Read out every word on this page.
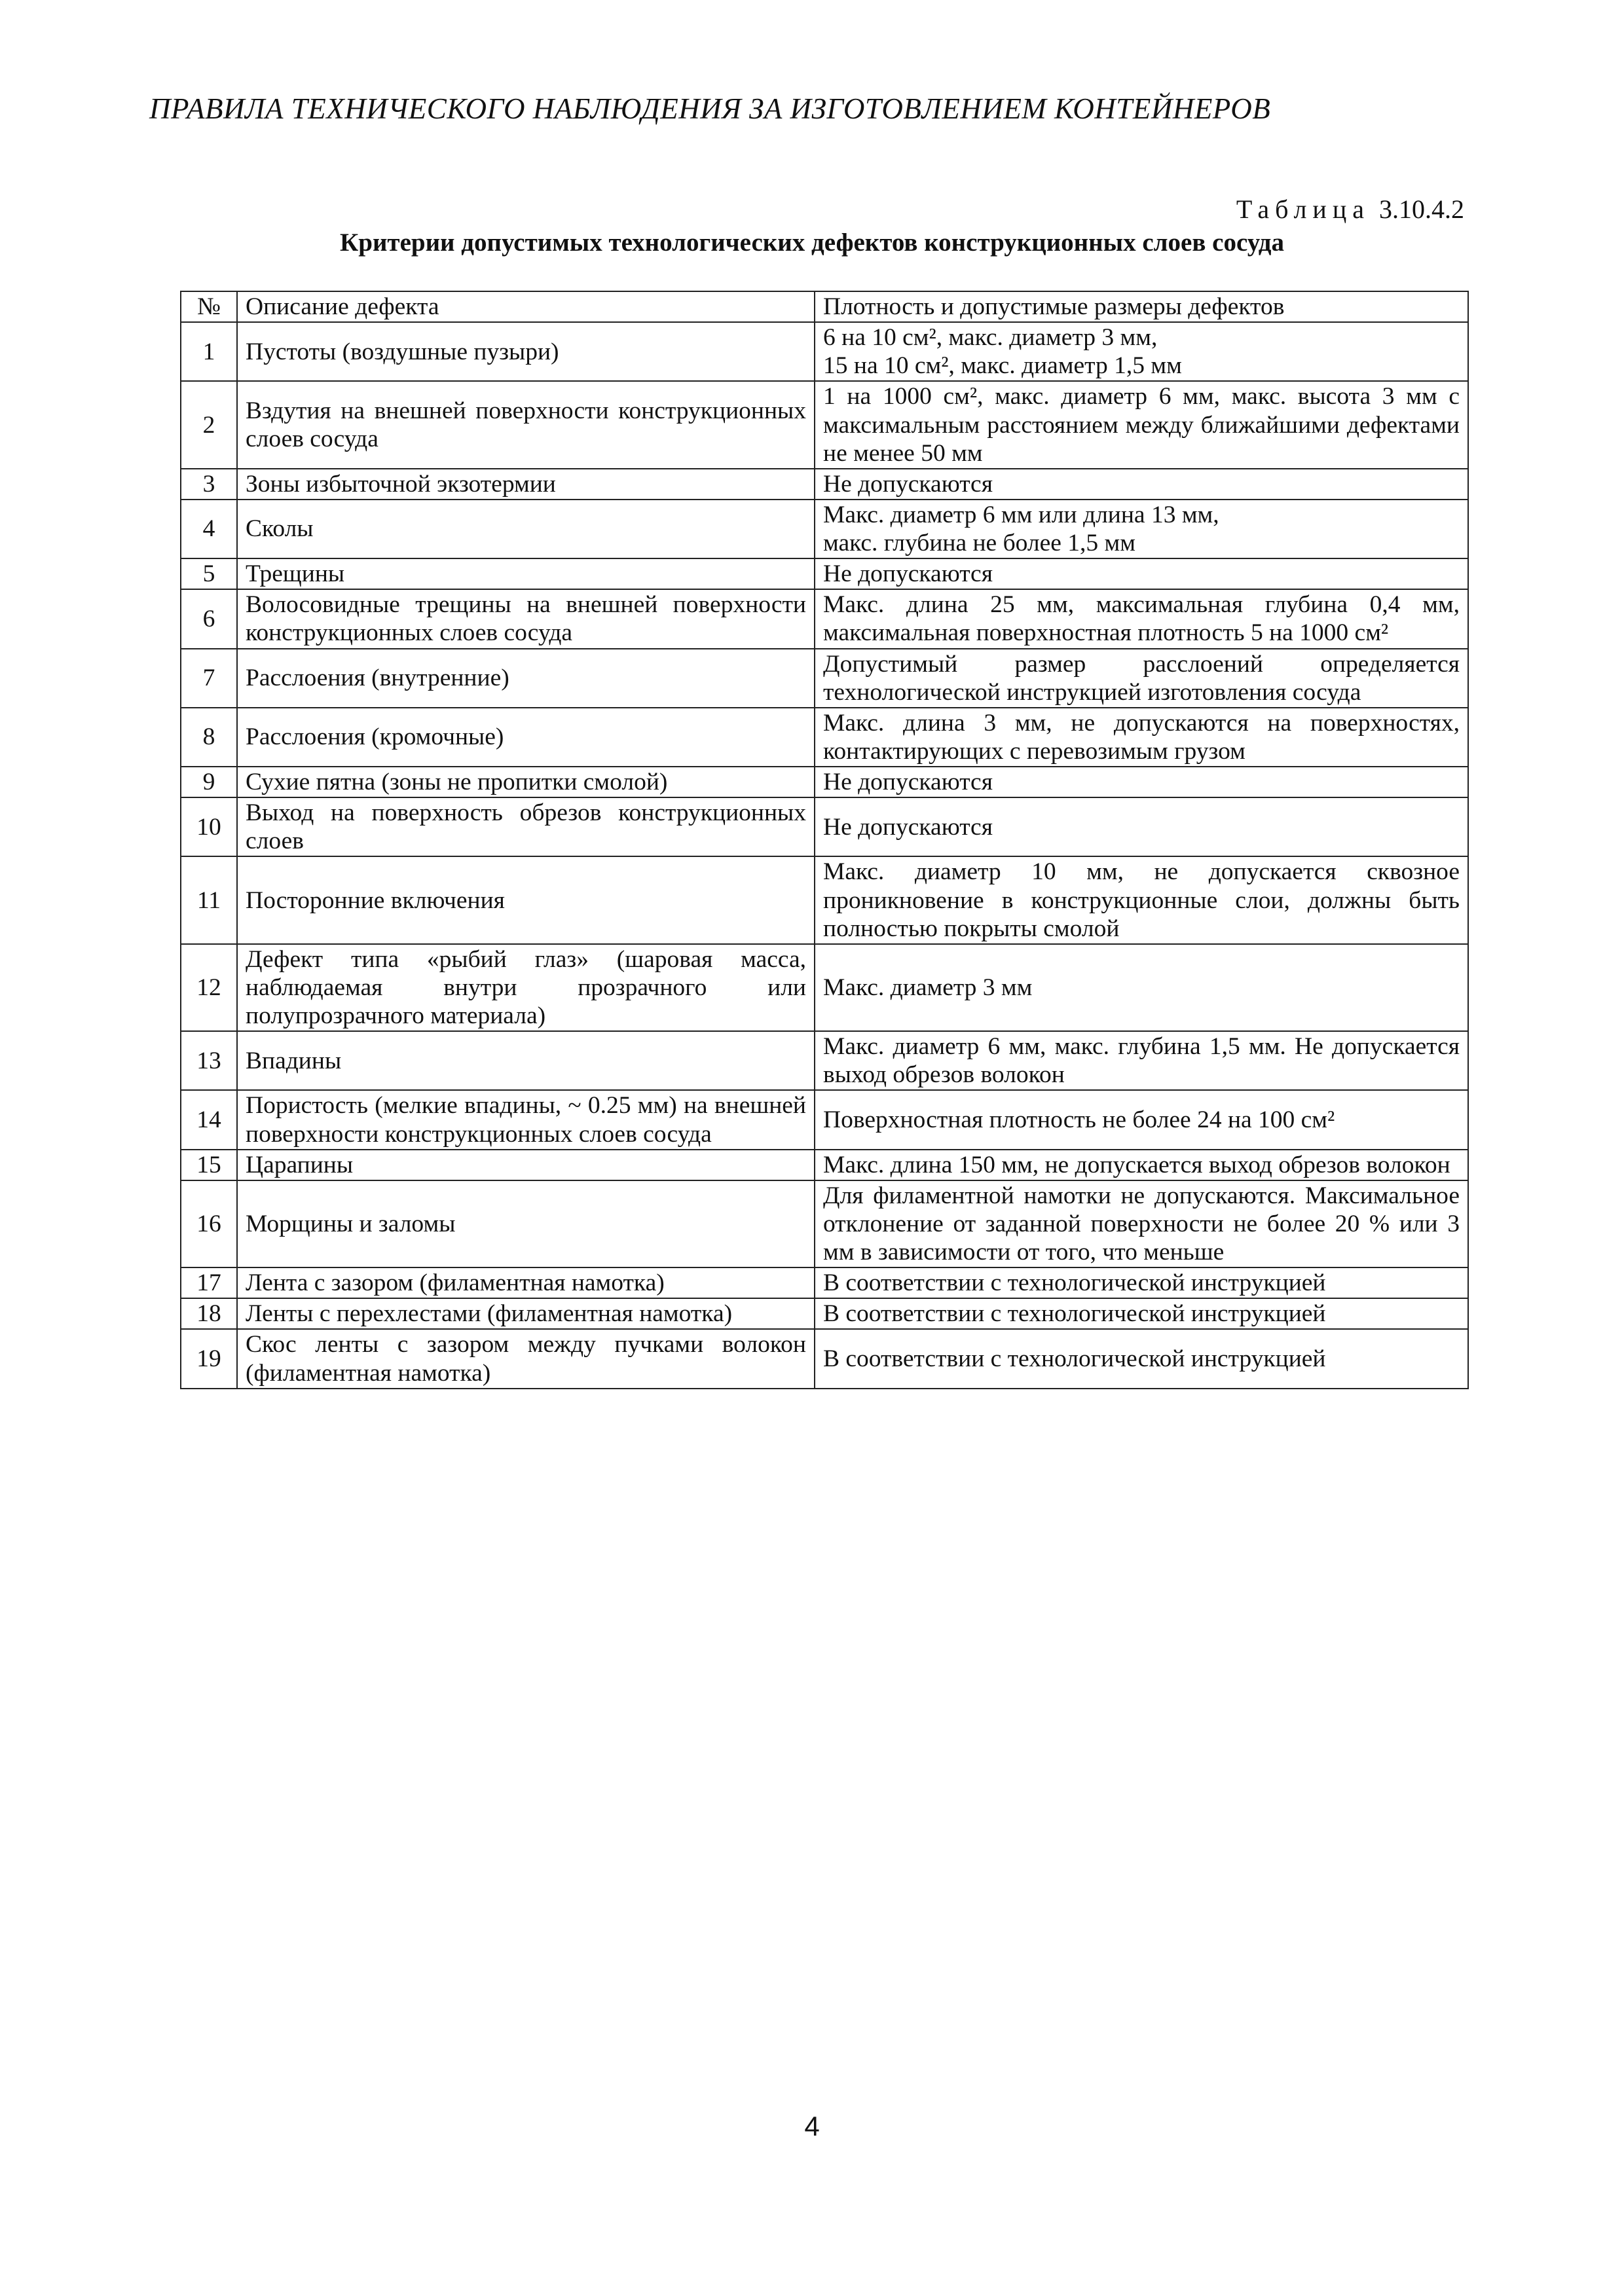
ПРАВИЛА ТЕХНИЧЕСКОГО НАБЛЮДЕНИЯ ЗА ИЗГОТОВЛЕНИЕМ КОНТЕЙНЕРОВ
Таблица 3.10.4.2
Критерии допустимых технологических дефектов конструкционных слоев сосуда
№	Описание дефекта	Плотность и допустимые размеры дефектов
1	Пустоты (воздушные пузыри)	6 на 10 см², макс. диаметр 3 мм,
15 на 10 см², макс. диаметр 1,5 мм
2	Вздутия на внешней поверхности конструкционных слоев сосуда	1 на 1000 см², макс. диаметр 6 мм, макс. высота 3 мм с максимальным расстоянием между ближайшими дефектами не менее 50 мм
3	Зоны избыточной экзотермии	Не допускаются
4	Сколы	Макс. диаметр 6 мм или длина 13 мм,
макс. глубина не более 1,5 мм
5	Трещины	Не допускаются
6	Волосовидные трещины на внешней поверхности конструкционных слоев сосуда	Макс. длина 25 мм, максимальная глубина 0,4 мм, максимальная поверхностная плотность 5 на 1000 см²
7	Расслоения (внутренние)	Допустимый размер расслоений определяется технологической инструкцией изготовления сосуда
8	Расслоения (кромочные)	Макс. длина 3 мм, не допускаются на поверхностях, контактирующих с перевозимым грузом
9	Сухие пятна (зоны не пропитки смолой)	Не допускаются
10	Выход на поверхность обрезов конструкционных слоев	Не допускаются
11	Посторонние включения	Макс. диаметр 10 мм, не допускается сквозное проникновение в конструкционные слои, должны быть полностью покрыты смолой
12	Дефект типа «рыбий глаз» (шаровая масса, наблюдаемая внутри прозрачного или полупрозрачного материала)	Макс. диаметр 3 мм
13	Впадины	Макс. диаметр 6 мм, макс. глубина 1,5 мм. Не допускается выход обрезов волокон
14	Пористость (мелкие впадины, ~ 0.25 мм) на внешней поверхности конструкционных слоев сосуда	Поверхностная плотность не более 24 на 100 см²
15	Царапины	Макс. длина 150 мм, не допускается выход обрезов волокон
16	Морщины и заломы	Для филаментной намотки не допускаются. Максимальное отклонение от заданной поверхности не более 20 % или 3 мм в зависимости от того, что меньше
17	Лента с зазором (филаментная намотка)	В соответствии с технологической инструкцией
18	Ленты с перехлестами (филаментная намотка)	В соответствии с технологической инструкцией
19	Скос ленты с зазором между пучками волокон (филаментная намотка)	В соответствии с технологической инструкцией
4
